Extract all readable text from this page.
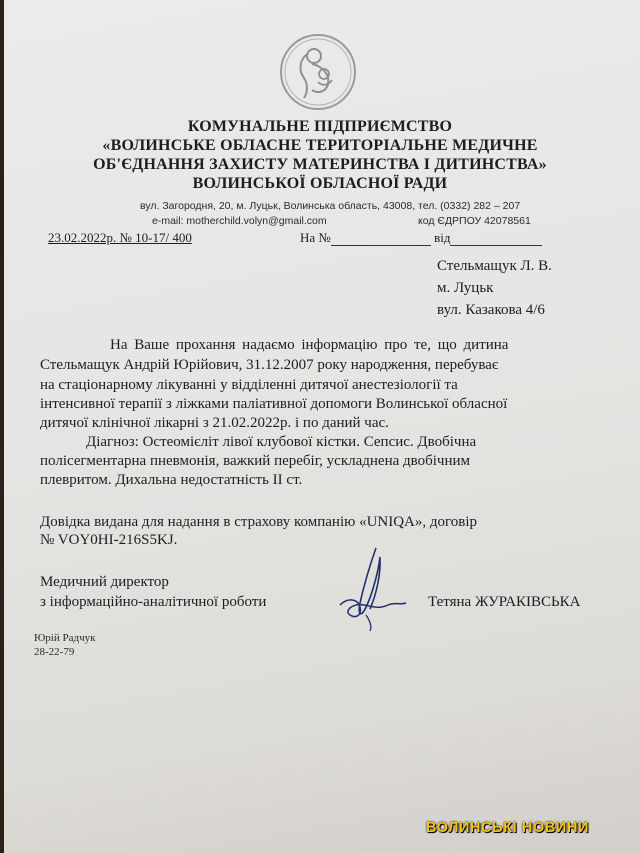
КОМУНАЛЬНЕ ПІДПРИЄМСТВО
«ВОЛИНСЬКЕ ОБЛАСНЕ ТЕРИТОРІАЛЬНЕ МЕДИЧНЕ
ОБ'ЄДНАННЯ ЗАХИСТУ МАТЕРИНСТВА І ДИТИНСТВА»
ВОЛИНСЬКОЇ ОБЛАСНОЇ РАДИ
вул. Загородня, 20, м. Луцьк, Волинська область, 43008, тел. (0332) 282 – 207
e-mail: motherchild.volyn@gmail.com	код ЄДРПОУ 42078561
23.02.2022р. № 10-17/ 400	На №	від
Стельмащук Л. В.
м. Луцьк
вул. Казакова 4/6
На Ваше прохання надаємо інформацію про те, що дитина
Стельмащук Андрій Юрійович, 31.12.2007 року народження, перебуває
на стаціонарному лікуванні у відділенні дитячої анестезіології та
інтенсивної терапії з ліжками паліативної допомоги Волинської обласної
дитячої клінічної лікарні з 21.02.2022р. і по даний час.
Діагноз: Остеомієліт лівої клубової кістки. Сепсис. Двобічна
полісегментарна пневмонія, важкий перебіг, ускладнена двобічним
плевритом. Дихальна недостатність ІІ ст.
Довідка видана для надання в страхову компанію «UNIQA», договір
№ VOY0HI-216S5KJ.
Медичний директор
з інформаційно-аналітичної роботи	Тетяна ЖУРАКІВСЬКА
Юрій Радчук
28-22-79
ВОЛИНСЬКІ НОВИНИ
